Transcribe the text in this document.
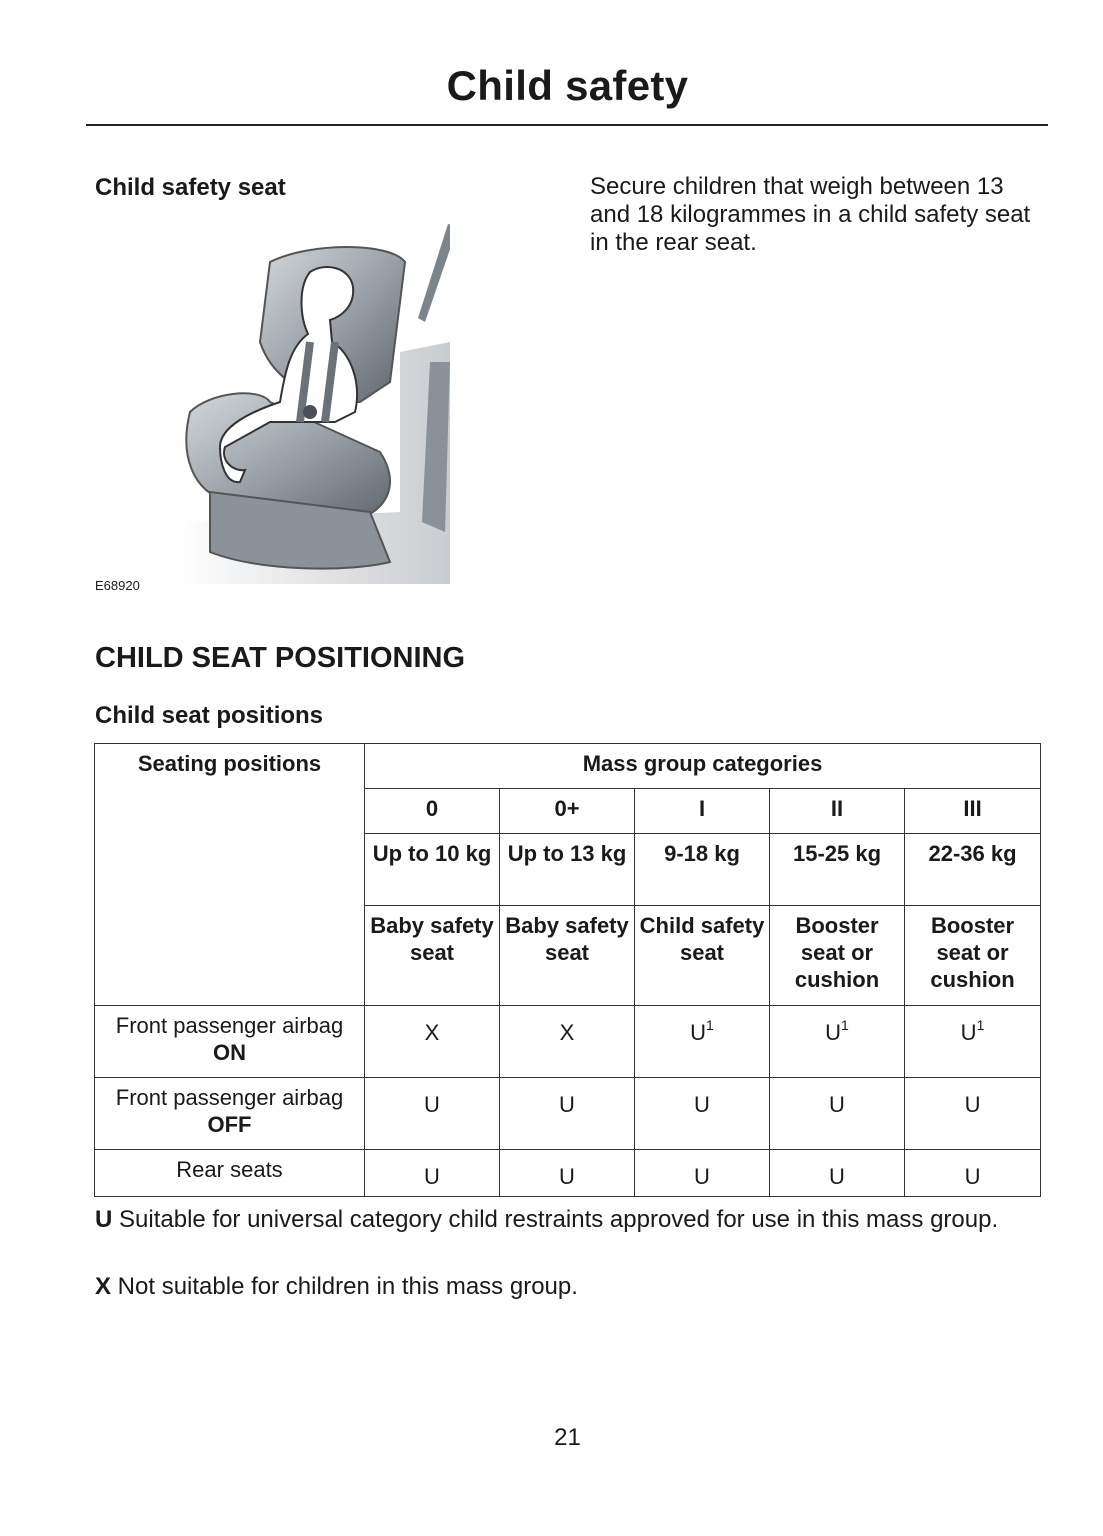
Child safety
Child safety seat	Secure children that weigh between 13 and 18 kilogrammes in a child safety seat in the rear seat.
E68920
CHILD SEAT POSITIONING
Child seat positions
Seating positions	Mass group categories				
	0	0+	I	II	III
	Up to 10 kg	Up to 13 kg	9-18 kg	15-25 kg	22-36 kg
	Baby safety seat	Baby safety seat	Child safety seat	Booster seat or cushion	Booster seat or cushion
Front passenger airbag ON	X	X	$U^1$	$U^1$	$U^1$
Front passenger airbag OFF	U	U	U	U	U
Rear seats	U	U	U	U	U
U Suitable for universal category child restraints approved for use in this mass group.
X Not suitable for children in this mass group.
21
